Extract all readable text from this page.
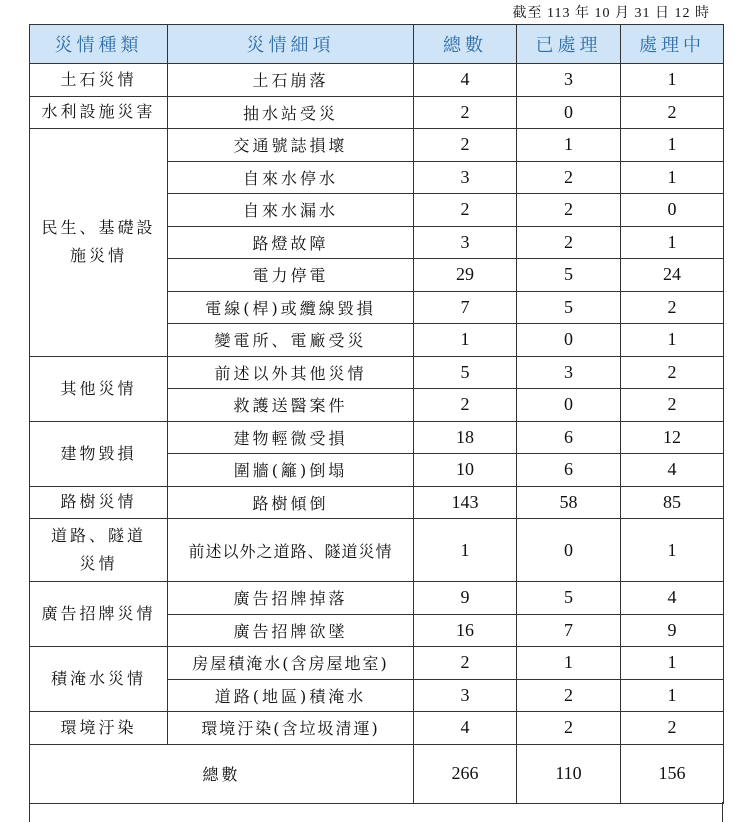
截至 113 年 10 月 31 日 12 時
災情種類	災情細項	總數	已處理	處理中
土石災情	土石崩落	4	3	1
水利設施災害	抽水站受災	2	0	2
民生、基礎設施災情	交通號誌損壞	2	1	1
	自來水停水	3	2	1
	自來水漏水	2	2	0
	路燈故障	3	2	1
	電力停電	29	5	24
	電線(桿)或纜線毀損	7	5	2
	變電所、電廠受災	1	0	1
其他災情	前述以外其他災情	5	3	2
	救護送醫案件	2	0	2
建物毀損	建物輕微受損	18	6	12
	圍牆(籬)倒塌	10	6	4
路樹災情	路樹傾倒	143	58	85
道路、隧道災情	前述以外之道路、隧道災情	1	0	1
廣告招牌災情	廣告招牌掉落	9	5	4
	廣告招牌欲墜	16	7	9
積淹水災情	房屋積淹水(含房屋地室)	2	1	1
	道路(地區)積淹水	3	2	1
環境汙染	環境汙染(含垃圾清運)	4	2	2
總數		266	110	156
